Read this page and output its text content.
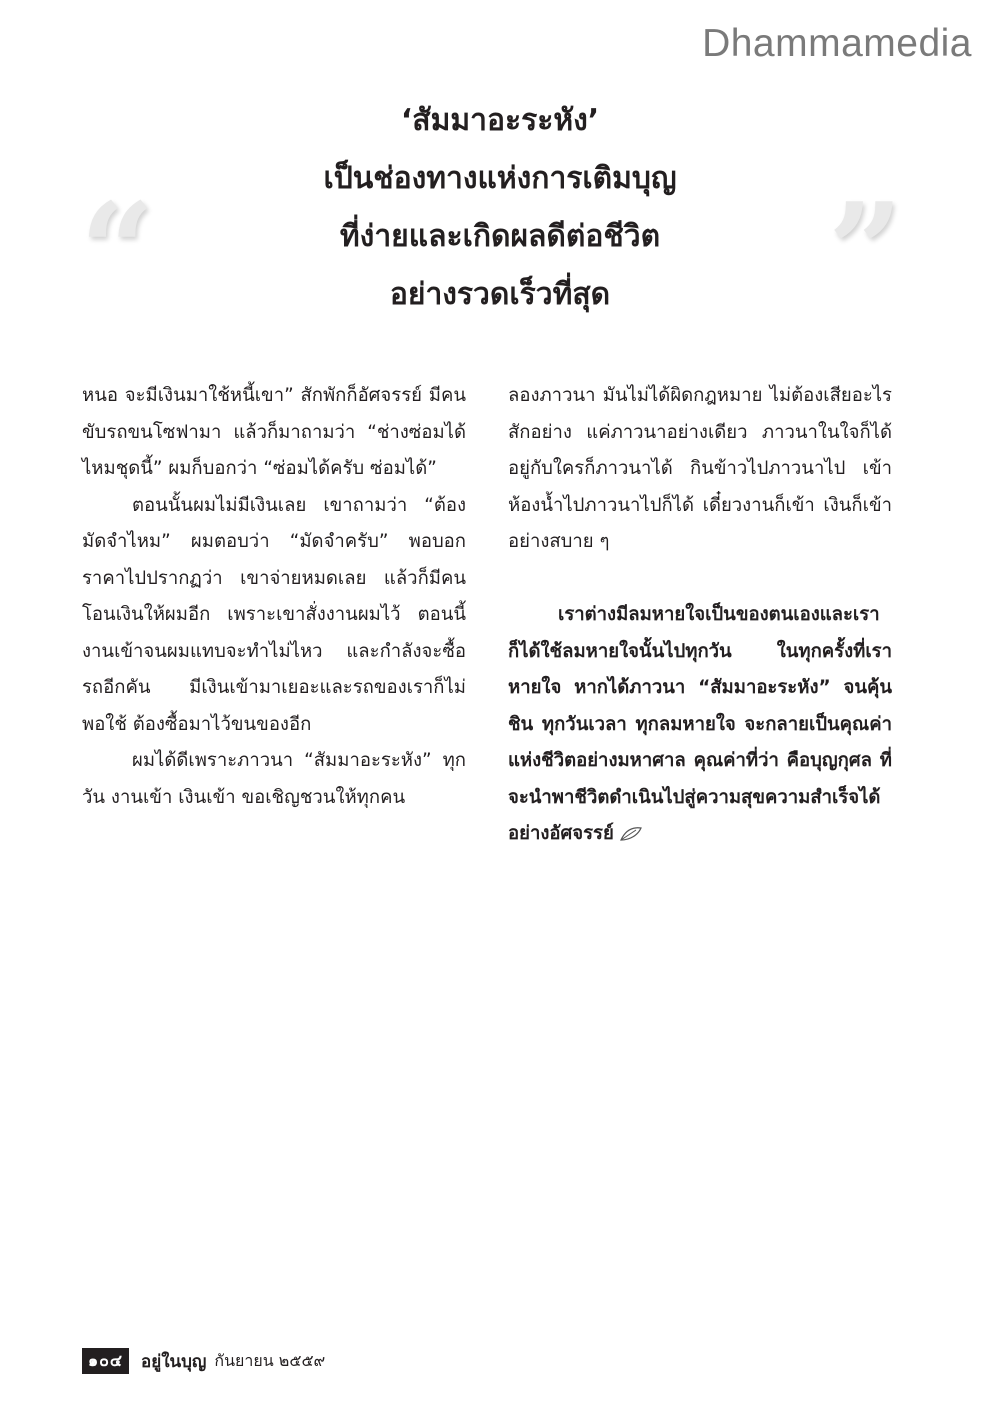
Dhammamedia
“	”
‘สัมมาอะระหัง’
เป็นช่องทางแห่งการเติมบุญ
ที่ง่ายและเกิดผลดีต่อชีวิต
อย่างรวดเร็วที่สุด

หนอ จะมีเงินมาใช้หนี้เขา” สักพักก็อัศจรรย์ มีคนขับรถขนโซฟามา แล้วก็มาถามว่า “ช่างซ่อมได้ไหมชุดนี้” ผมก็บอกว่า “ซ่อมได้ครับ ซ่อมได้”

ตอนนั้นผมไม่มีเงินเลย เขาถามว่า “ต้องมัดจำไหม” ผมตอบว่า “มัดจำครับ” พอบอกราคาไปปรากฏว่า เขาจ่ายหมดเลย แล้วก็มีคนโอนเงินให้ผมอีก เพราะเขาสั่งงานผมไว้ ตอนนี้งานเข้าจนผมแทบจะทำไม่ไหว และกำลังจะซื้อรถอีกคัน มีเงินเข้ามาเยอะและรถของเราก็ไม่พอใช้ ต้องซื้อมาไว้ขนของอีก

ผมได้ดีเพราะภาวนา “สัมมาอะระหัง” ทุกวัน งานเข้า เงินเข้า ขอเชิญชวนให้ทุกคน

ลองภาวนา มันไม่ได้ผิดกฎหมาย ไม่ต้องเสียอะไรสักอย่าง แค่ภาวนาอย่างเดียว ภาวนาในใจก็ได้ อยู่กับใครก็ภาวนาได้ กินข้าวไปภาวนาไป เข้าห้องน้ำไปภาวนาไปก็ได้ เดี๋ยวงานก็เข้า เงินก็เข้าอย่างสบาย ๆ

เราต่างมีลมหายใจเป็นของตนเองและเราก็ได้ใช้ลมหายใจนั้นไปทุกวัน ในทุกครั้งที่เราหายใจ หากได้ภาวนา “สัมมาอะระหัง” จนคุ้นชิน ทุกวันเวลา ทุกลมหายใจ จะกลายเป็นคุณค่าแห่งชีวิตอย่างมหาศาล คุณค่าที่ว่า คือบุญกุศล ที่จะนำพาชีวิตดำเนินไปสู่ความสุขความสำเร็จได้อย่างอัศจรรย์

๑๐๔	อยู่ในบุญ กันยายน ๒๕๕๙
